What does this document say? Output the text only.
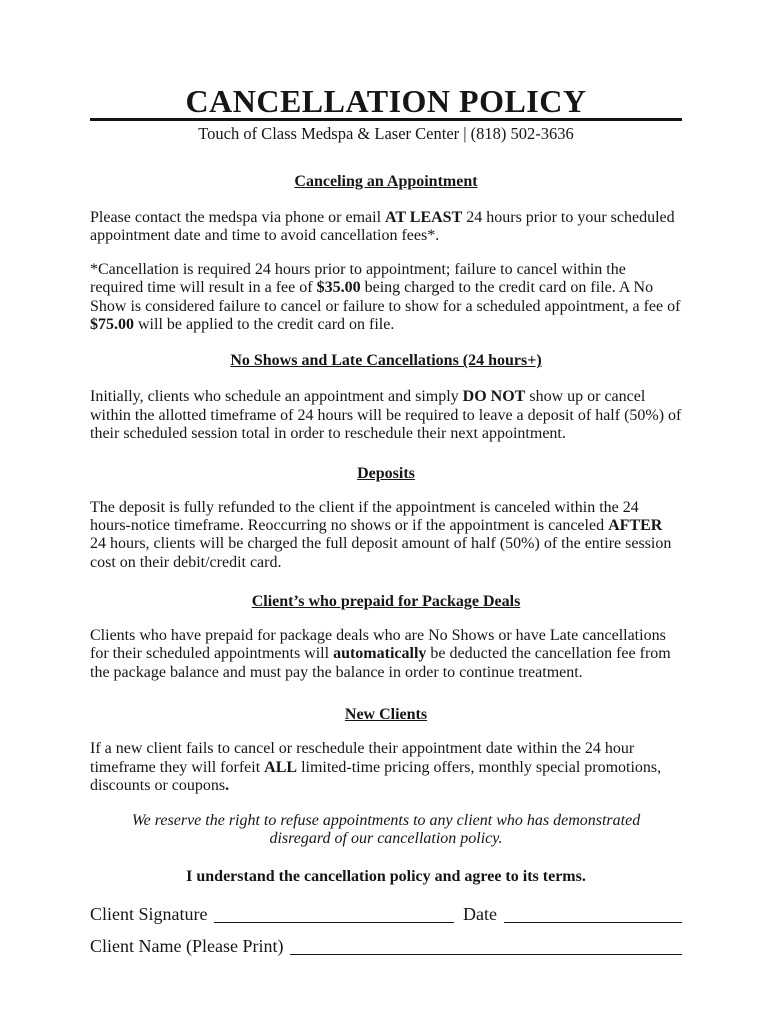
CANCELLATION POLICY
Touch of Class Medspa & Laser Center | (818) 502-3636
Canceling an Appointment

Please contact the medspa via phone or email AT LEAST 24 hours prior to your scheduled appointment date and time to avoid cancellation fees*.

*Cancellation is required 24 hours prior to appointment; failure to cancel within the required time will result in a fee of $35.00 being charged to the credit card on file. A No Show is considered failure to cancel or failure to show for a scheduled appointment, a fee of $75.00 will be applied to the credit card on file.

No Shows and Late Cancellations (24 hours+)

Initially, clients who schedule an appointment and simply DO NOT show up or cancel within the allotted timeframe of 24 hours will be required to leave a deposit of half (50%) of their scheduled session total in order to reschedule their next appointment.

Deposits

The deposit is fully refunded to the client if the appointment is canceled within the 24 hours-notice timeframe. Reoccurring no shows or if the appointment is canceled AFTER 24 hours, clients will be charged the full deposit amount of half (50%) of the entire session cost on their debit/credit card.

Client’s who prepaid for Package Deals

Clients who have prepaid for package deals who are No Shows or have Late cancellations for their scheduled appointments will automatically be deducted the cancellation fee from the package balance and must pay the balance in order to continue treatment.

New Clients

If a new client fails to cancel or reschedule their appointment date within the 24 hour timeframe they will forfeit ALL limited-time pricing offers, monthly special promotions, discounts or coupons.

We reserve the right to refuse appointments to any client who has demonstrated disregard of our cancellation policy.

I understand the cancellation policy and agree to its terms.

Client Signature	Date
Client Name (Please Print)
